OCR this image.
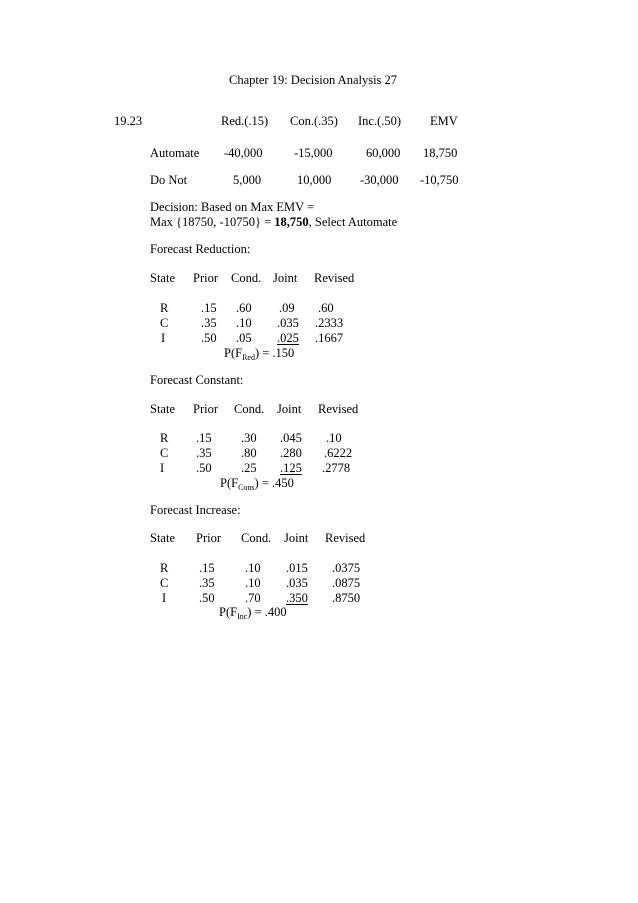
Chapter 19: Decision Analysis 27
19.23	Red.(.15) Con.(.35) Inc.(.50) EMV
Automate -40,000	-15,000	60,000 18,750
Do Not	5,000	10,000 -30,000 -10,750
Decision: Based on Max EMV =
Max {18750, -10750} = 18,750, Select Automate
Forecast Reduction:
State Prior Cond. Joint Revised
R	.15 .60 .09 .60
C	.35 .10 .035 .2333
I	.50 .05 .025 .1667
$P(F_{Red}) = .150$
Forecast Constant:
State Prior Cond. Joint Revised
R .15 .30 .045 .10
C .35 .80 .280 .6222
I	.50 .25 .125 .2778
$P(F_{Cons}) = .450$
Forecast Increase:
State Prior Cond. Joint Revised
R .15 .10 .015 .0375
C .35 .10 .035 .0875
I	.50 .70 .350 .8750
$P(F_{Inc}) = .400$
